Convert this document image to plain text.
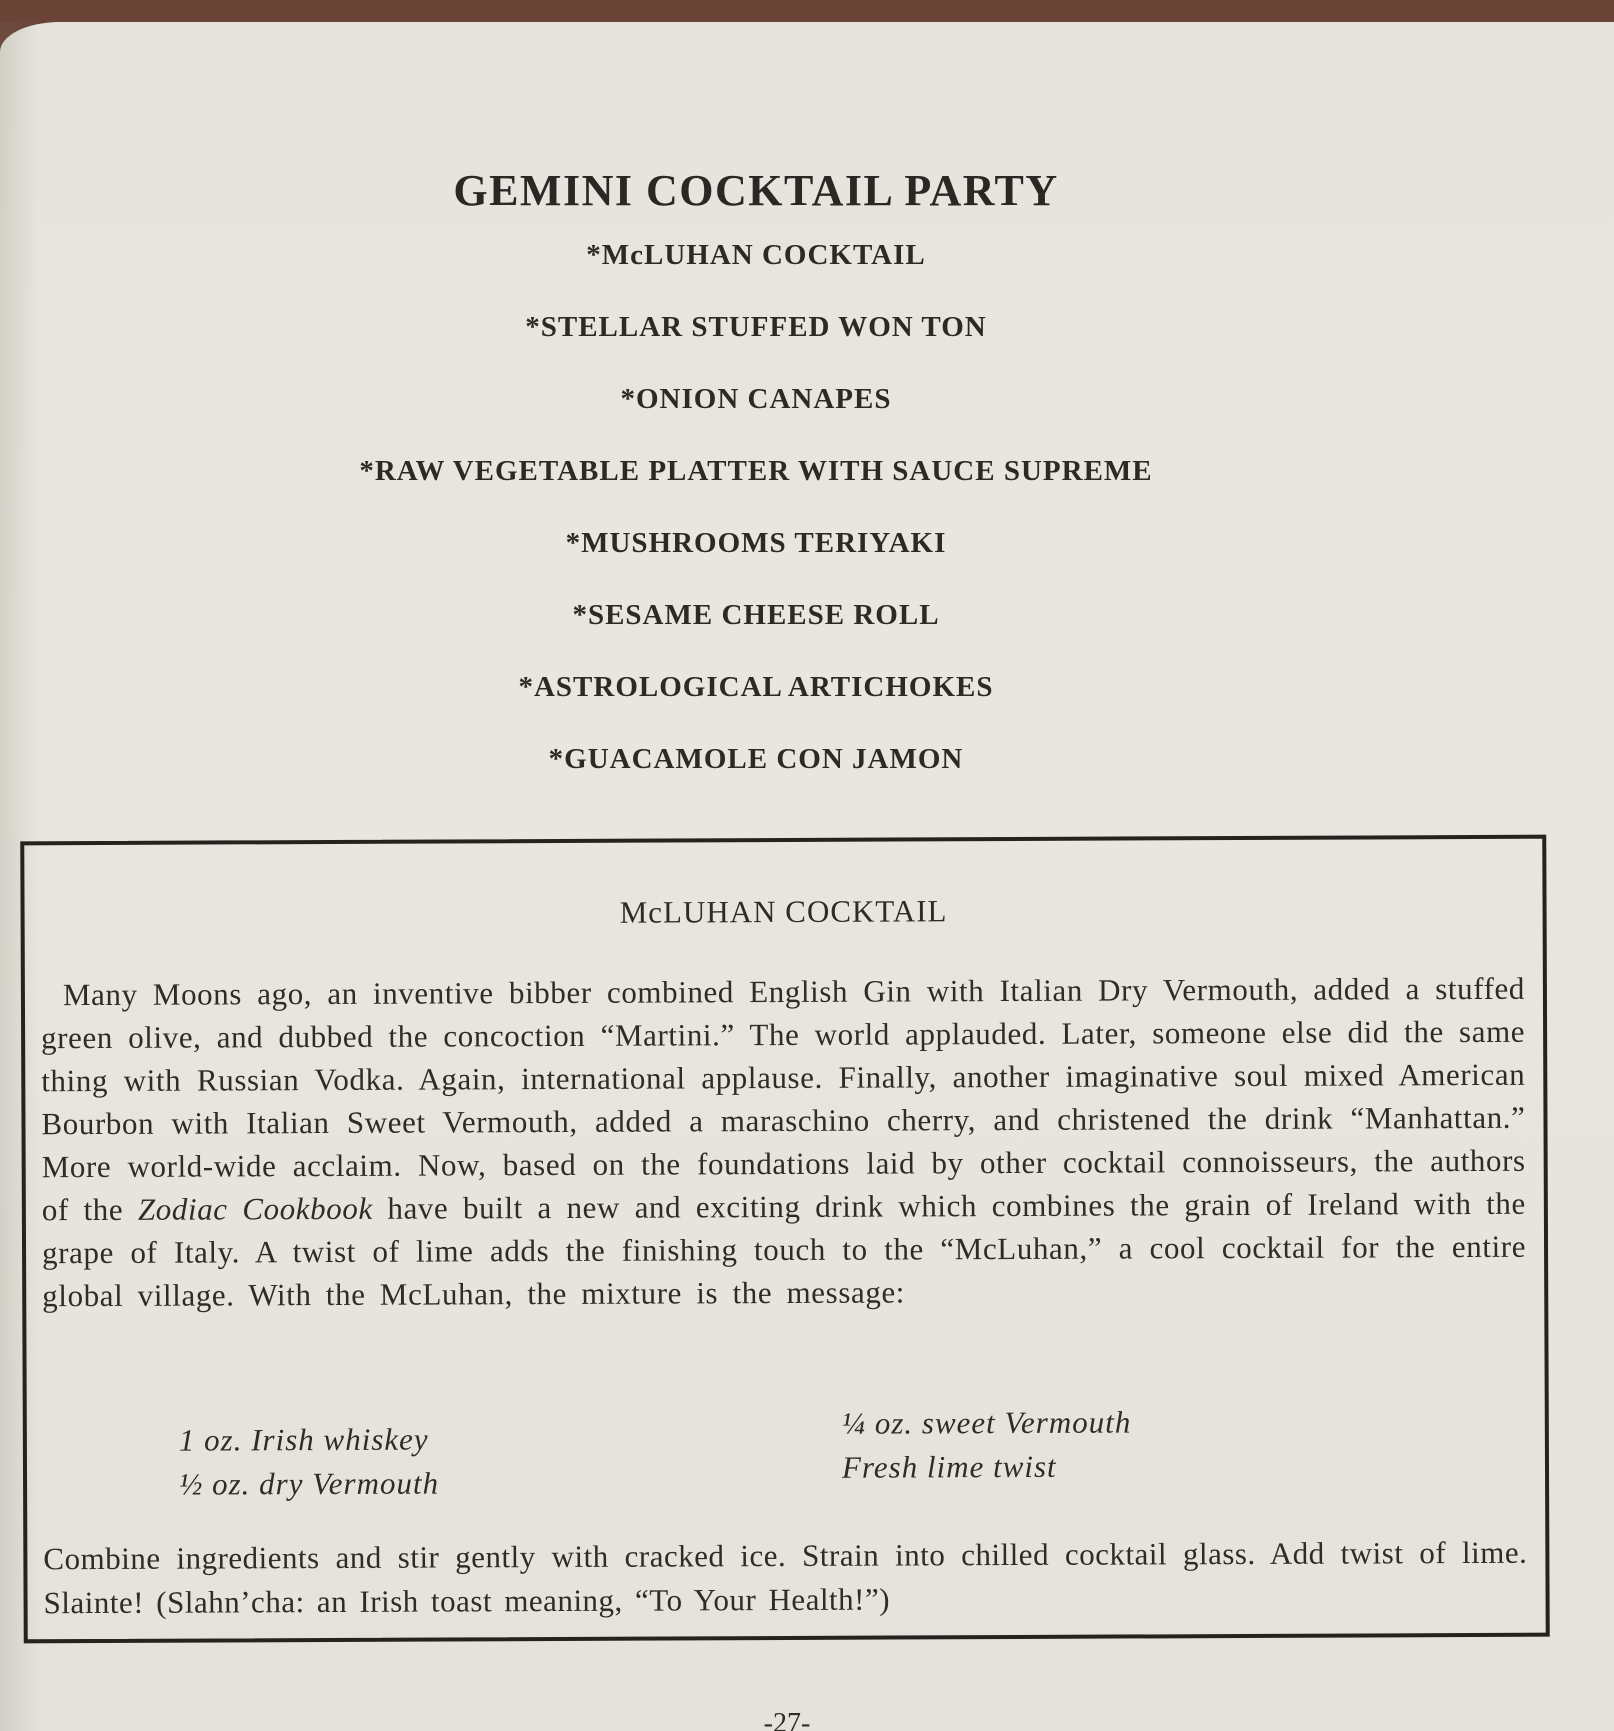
GEMINI COCKTAIL PARTY
*McLUHAN COCKTAIL
*STELLAR STUFFED WON TON
*ONION CANAPES
*RAW VEGETABLE PLATTER WITH SAUCE SUPREME
*MUSHROOMS TERIYAKI
*SESAME CHEESE ROLL
*ASTROLOGICAL ARTICHOKES
*GUACAMOLE CON JAMON
McLUHAN COCKTAIL

Many Moons ago, an inventive bibber combined English Gin with Italian Dry Vermouth, added a stuffed green olive, and dubbed the concoction “Martini.” The world applauded. Later, someone else did the same thing with Russian Vodka. Again, international applause. Finally, another imaginative soul mixed American Bourbon with Italian Sweet Vermouth, added a maraschino cherry, and christened the drink “Manhattan.” More world-wide acclaim. Now, based on the foundations laid by other cocktail connoisseurs, the authors of the Zodiac Cookbook have built a new and exciting drink which combines the grain of Ireland with the grape of Italy. A twist of lime adds the finishing touch to the “McLuhan,” a cool cocktail for the entire global village. With the McLuhan, the mixture is the message:

1 oz. Irish whiskey
½ oz. dry Vermouth
¼ oz. sweet Vermouth
Fresh lime twist

Combine ingredients and stir gently with cracked ice. Strain into chilled cocktail glass. Add twist of lime. Slainte! (Slahn’cha: an Irish toast meaning, “To Your Health!”)

-27-
